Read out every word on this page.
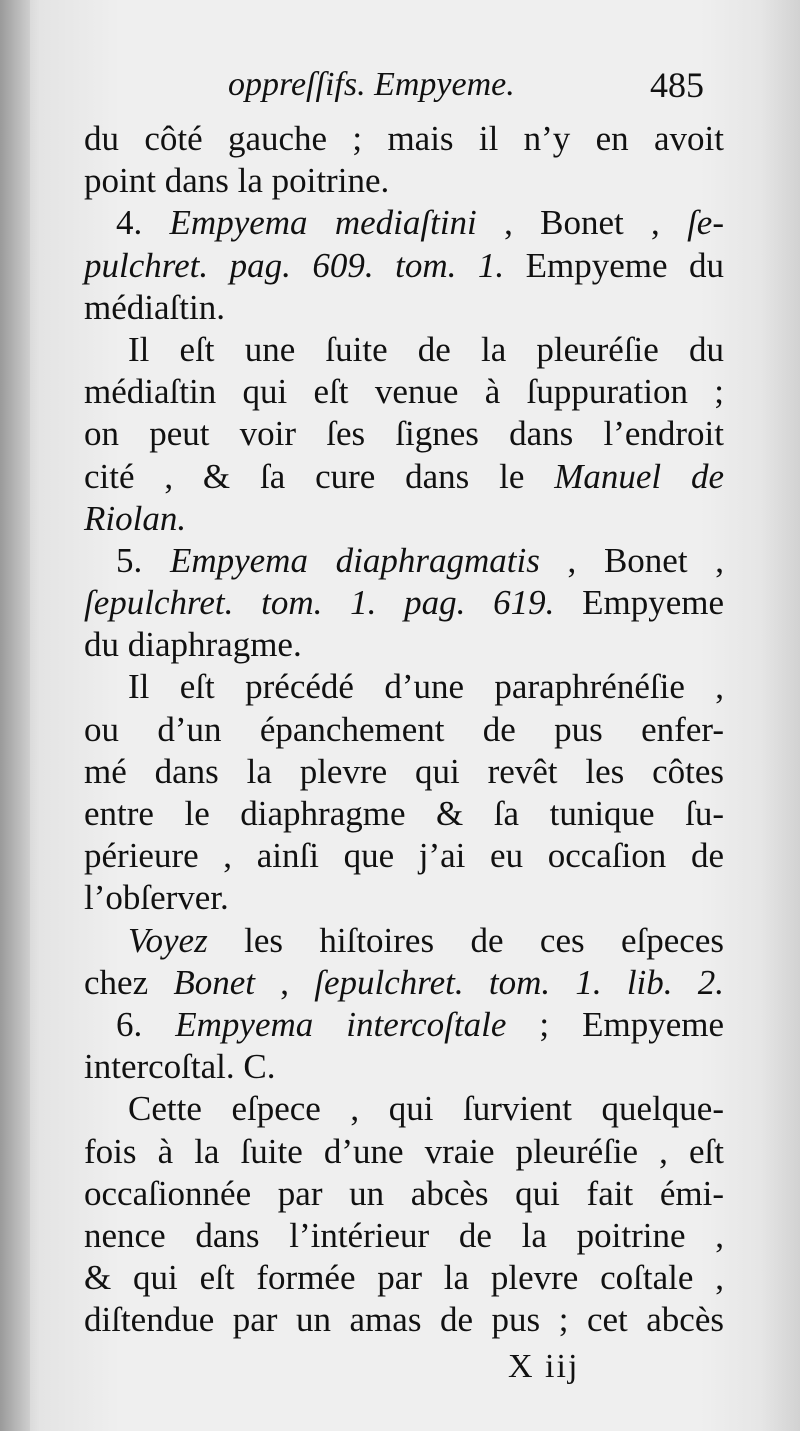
oppreſſifs. Empyeme.	485
du côté gauche ; mais il n’y en avoit
point dans la poitrine.
4. Empyema mediaſtini , Bonet , ſe-
pulchret. pag. 609. tom. 1. Empyeme du
médiaſtin.
Il eſt une ſuite de la pleuréſie du
médiaſtin qui eſt venue à ſuppuration ;
on peut voir ſes ſignes dans l’endroit
cité , & ſa cure dans le Manuel de
Riolan.
5. Empyema diaphragmatis , Bonet ,
ſepulchret. tom. 1. pag. 619. Empyeme
du diaphragme.
Il eſt précédé d’une paraphrénéſie ,
ou d’un épanchement de pus enfer-
mé dans la plevre qui revêt les côtes
entre le diaphragme & ſa tunique ſu-
périeure , ainſi que j’ai eu occaſion de
l’obſerver.
Voyez les hiſtoires de ces eſpeces
chez Bonet , ſepulchret. tom. 1. lib. 2.
6. Empyema intercoſtale ; Empyeme
intercoſtal. C.
Cette eſpece , qui ſurvient quelque-
fois à la ſuite d’une vraie pleuréſie , eſt
occaſionnée par un abcès qui fait émi-
nence dans l’intérieur de la poitrine ,
& qui eſt formée par la plevre coſtale ,
diſtendue par un amas de pus ; cet abcès
X iij
